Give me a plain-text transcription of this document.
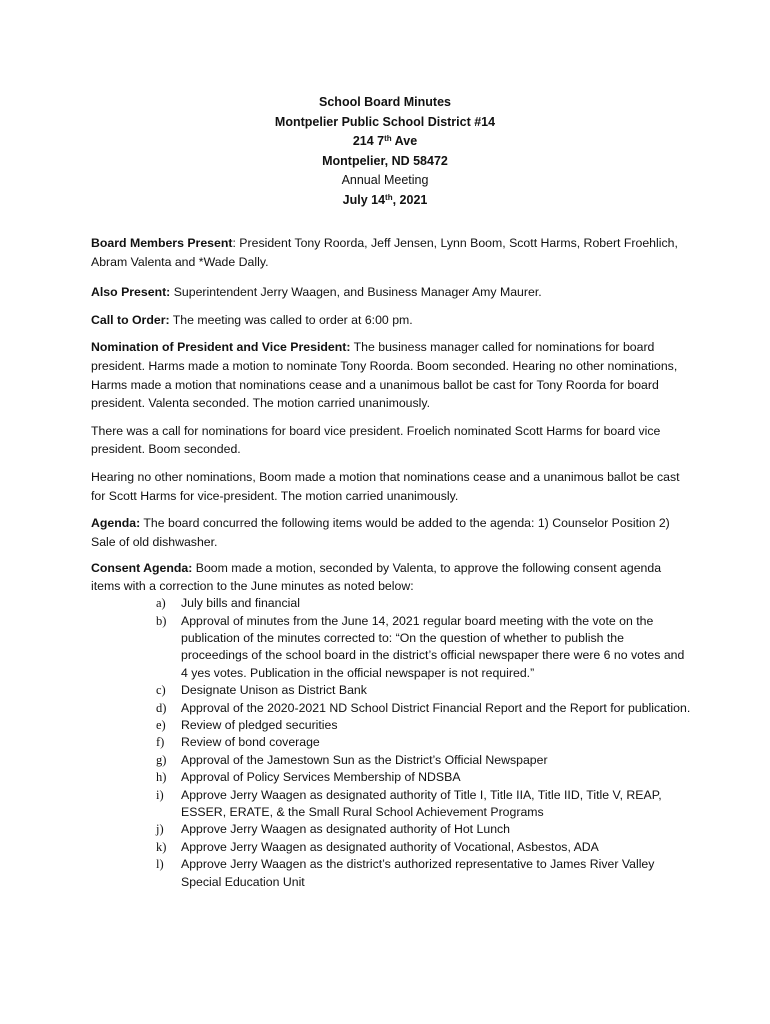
School Board Minutes
Montpelier Public School District #14
214 7th Ave
Montpelier, ND 58472
Annual Meeting
July 14th, 2021

Board Members Present: President Tony Roorda, Jeff Jensen, Lynn Boom, Scott Harms, Robert Froehlich, Abram Valenta and *Wade Dally.

Also Present: Superintendent Jerry Waagen, and Business Manager Amy Maurer.

Call to Order: The meeting was called to order at 6:00 pm.

Nomination of President and Vice President: The business manager called for nominations for board president. Harms made a motion to nominate Tony Roorda. Boom seconded. Hearing no other nominations, Harms made a motion that nominations cease and a unanimous ballot be cast for Tony Roorda for board president. Valenta seconded. The motion carried unanimously.

There was a call for nominations for board vice president. Froelich nominated Scott Harms for board vice president. Boom seconded.

Hearing no other nominations, Boom made a motion that nominations cease and a unanimous ballot be cast for Scott Harms for vice-president. The motion carried unanimously.

Agenda: The board concurred the following items would be added to the agenda: 1) Counselor Position 2) Sale of old dishwasher.

Consent Agenda: Boom made a motion, seconded by Valenta, to approve the following consent agenda items with a correction to the June minutes as noted below:

a) July bills and financial
b) Approval of minutes from the June 14, 2021 regular board meeting with the vote on the publication of the minutes corrected to: “On the question of whether to publish the proceedings of the school board in the district’s official newspaper there were 6 no votes and 4 yes votes. Publication in the official newspaper is not required.”
c) Designate Unison as District Bank
d) Approval of the 2020-2021 ND School District Financial Report and the Report for publication.
e) Review of pledged securities
f) Review of bond coverage
g) Approval of the Jamestown Sun as the District’s Official Newspaper
h) Approval of Policy Services Membership of NDSBA
i) Approve Jerry Waagen as designated authority of Title I, Title IIA, Title IID, Title V, REAP, ESSER, ERATE, & the Small Rural School Achievement Programs
j) Approve Jerry Waagen as designated authority of Hot Lunch
k) Approve Jerry Waagen as designated authority of Vocational, Asbestos, ADA
l) Approve Jerry Waagen as the district’s authorized representative to James River Valley Special Education Unit
